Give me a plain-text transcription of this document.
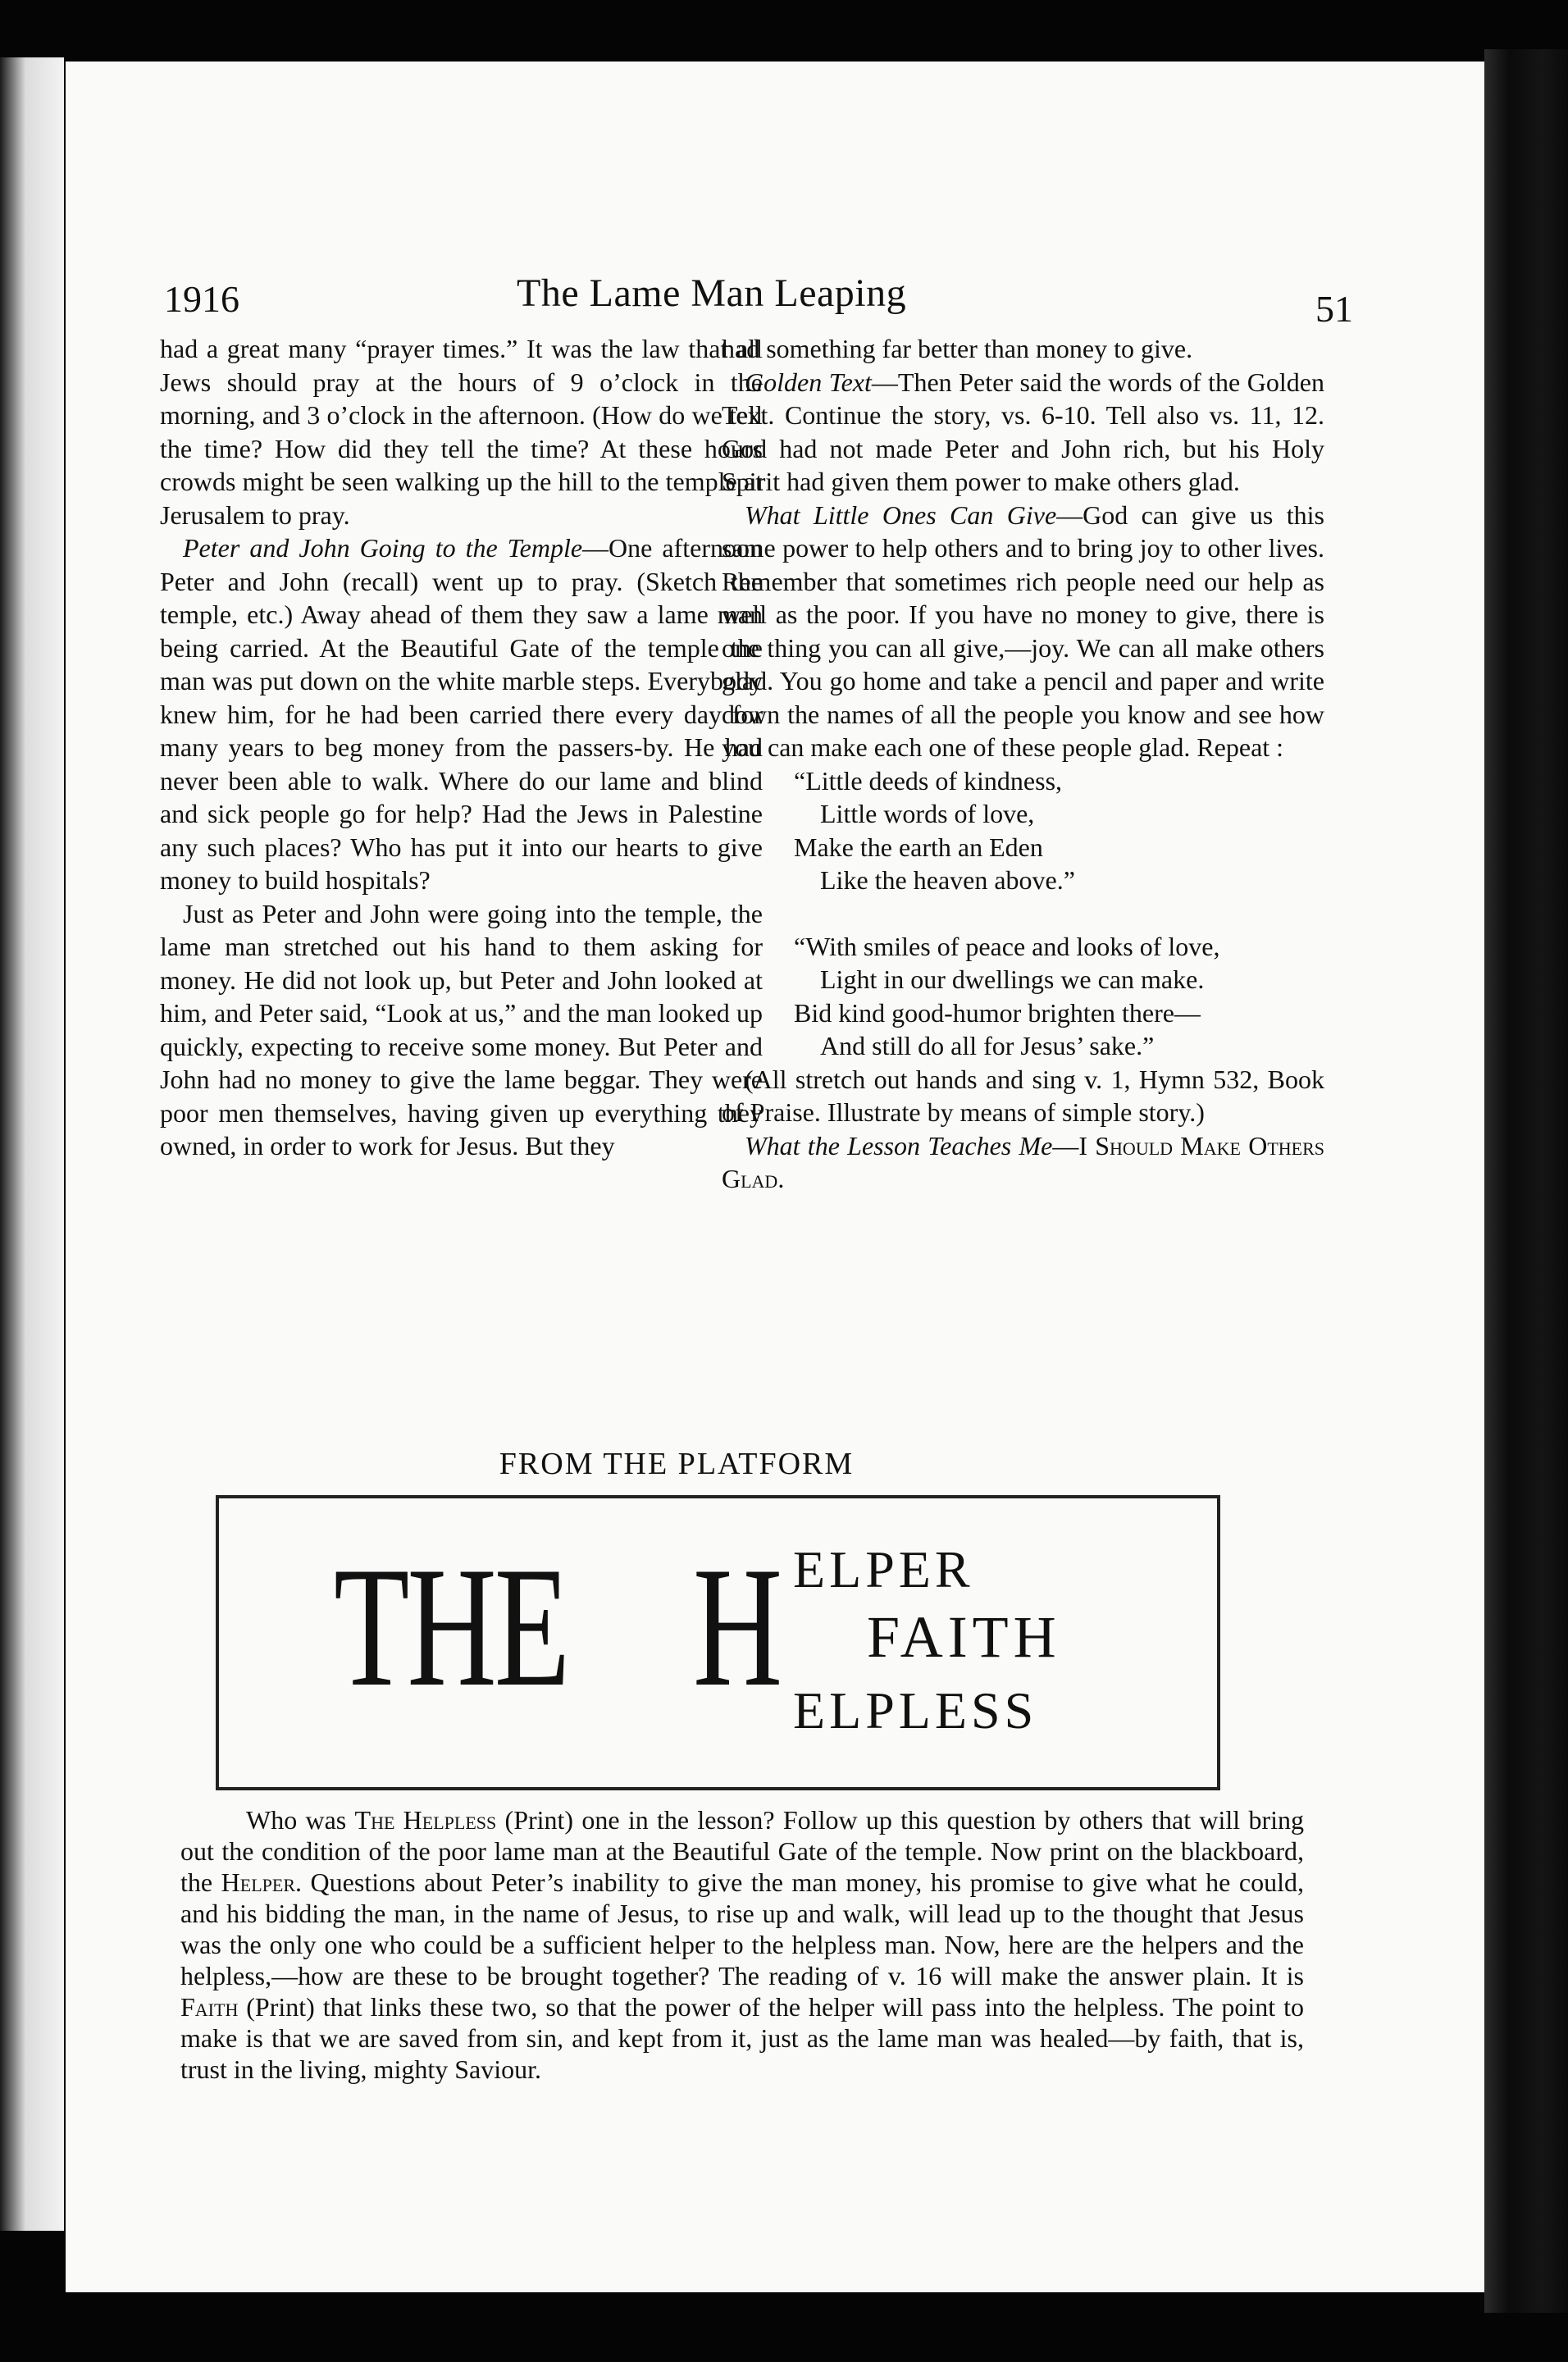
1916	The Lame Man Leaping	51

had a great many “prayer times.” It was the law that all Jews should pray at the hours of 9 o’clock in the morning, and 3 o’clock in the afternoon. (How do we tell the time? How did they tell the time? At these hours crowds might be seen walking up the hill to the temple at Jerusalem to pray.

Peter and John Going to the Temple—One afternoon Peter and John (recall) went up to pray. (Sketch the temple, etc.) Away ahead of them they saw a lame man being carried. At the Beautiful Gate of the temple the man was put down on the white marble steps. Everybody knew him, for he had been carried there every day for many years to beg money from the passers-by. He had never been able to walk. Where do our lame and blind and sick people go for help? Had the Jews in Palestine any such places? Who has put it into our hearts to give money to build hospitals?

Just as Peter and John were going into the temple, the lame man stretched out his hand to them asking for money. He did not look up, but Peter and John looked at him, and Peter said, “Look at us,” and the man looked up quickly, expecting to receive some money. But Peter and John had no money to give the lame beggar. They were poor men themselves, having given up everything they owned, in order to work for Jesus. But they

had something far better than money to give.

Golden Text—Then Peter said the words of the Golden Text. Continue the story, vs. 6-10. Tell also vs. 11, 12. God had not made Peter and John rich, but his Holy Spirit had given them power to make others glad.

What Little Ones Can Give—God can give us this same power to help others and to bring joy to other lives. Remember that sometimes rich people need our help as well as the poor. If you have no money to give, there is one thing you can all give,—joy. We can all make others glad. You go home and take a pencil and paper and write down the names of all the people you know and see how you can make each one of these people glad. Repeat :

“Little deeds of kindness,
Little words of love,
Make the earth an Eden
Like the heaven above.”
“With smiles of peace and looks of love,
Light in our dwellings we can make.
Bid kind good-humor brighten there—
And still do all for Jesus’ sake.”

(All stretch out hands and sing v. 1, Hymn 532, Book of Praise. Illustrate by means of simple story.)

What the Lesson Teaches Me—I Should Make Others Glad.

FROM THE PLATFORM
THE H ELPER
FAITH
ELPLESS

Who was The Helpless (Print) one in the lesson? Follow up this question by others that will bring out the condition of the poor lame man at the Beautiful Gate of the temple. Now print on the blackboard, the Helper. Questions about Peter’s inability to give the man money, his promise to give what he could, and his bidding the man, in the name of Jesus, to rise up and walk, will lead up to the thought that Jesus was the only one who could be a sufficient helper to the helpless man. Now, here are the helpers and the helpless,—how are these to be brought together? The reading of v. 16 will make the answer plain. It is Faith (Print) that links these two, so that the power of the helper will pass into the helpless. The point to make is that we are saved from sin, and kept from it, just as the lame man was healed—by faith, that is, trust in the living, mighty Saviour.
